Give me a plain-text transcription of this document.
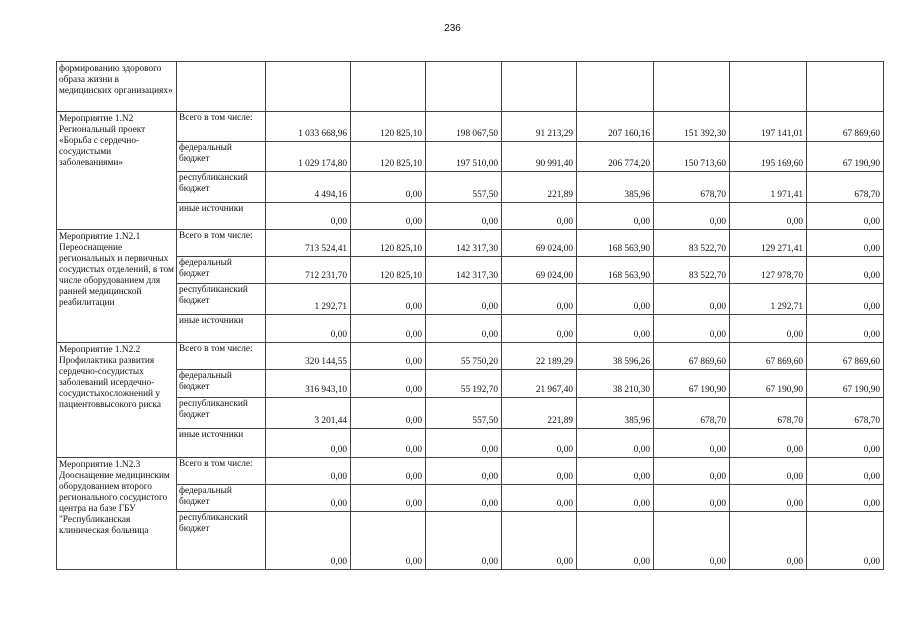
236
формированию здорового образа жизни в медицинских организациях»									
Мероприятие 1.N2 Региональный проект «Борьба с сердечно-сосудистыми заболеваниями»	Всего в том числе:	1 033 668,96	120 825,10	198 067,50	91 213,29	207 160,16	151 392,30	197 141,01	67 869,60
	федеральный бюджет	1 029 174,80	120 825,10	197 510,00	90 991,40	206 774,20	150 713,60	195 169,60	67 190,90
	республиканский бюджет	4 494,16	0,00	557,50	221,89	385,96	678,70	1 971,41	678,70
	иные источники	0,00	0,00	0,00	0,00	0,00	0,00	0,00	0,00
Мероприятие 1.N2.1 Переоснащение региональных и первичных сосудистых отделений, в том числе оборудованием для ранней медицинской реабилитации	Всего в том числе:	713 524,41	120 825,10	142 317,30	69 024,00	168 563,90	83 522,70	129 271,41	0,00
	федеральный бюджет	712 231,70	120 825,10	142 317,30	69 024,00	168 563,90	83 522,70	127 978,70	0,00
	республиканский бюджет	1 292,71	0,00	0,00	0,00	0,00	0,00	1 292,71	0,00
	иные источники	0,00	0,00	0,00	0,00	0,00	0,00	0,00	0,00
Мероприятие 1.N2.2 Профилактика развития сердечно-сосудистых заболеваний исердечно-сосудистыхосложнений у пациентоввысокого риска	Всего в том числе:	320 144,55	0,00	55 750,20	22 189,29	38 596,26	67 869,60	67 869,60	67 869,60
	федеральный бюджет	316 943,10	0,00	55 192,70	21 967,40	38 210,30	67 190,90	67 190,90	67 190,90
	республиканский бюджет	3 201,44	0,00	557,50	221,89	385,96	678,70	678,70	678,70
	иные источники	0,00	0,00	0,00	0,00	0,00	0,00	0,00	0,00
Мероприятие 1.N2.3 Дооснащение медицинским оборудованием второго регионального сосудистого центра на базе ГБУ "Республиканская клиническая больница	Всего в том числе:	0,00	0,00	0,00	0,00	0,00	0,00	0,00	0,00
	федеральный бюджет	0,00	0,00	0,00	0,00	0,00	0,00	0,00	0,00
	республиканский бюджет	0,00	0,00	0,00	0,00	0,00	0,00	0,00	0,00
